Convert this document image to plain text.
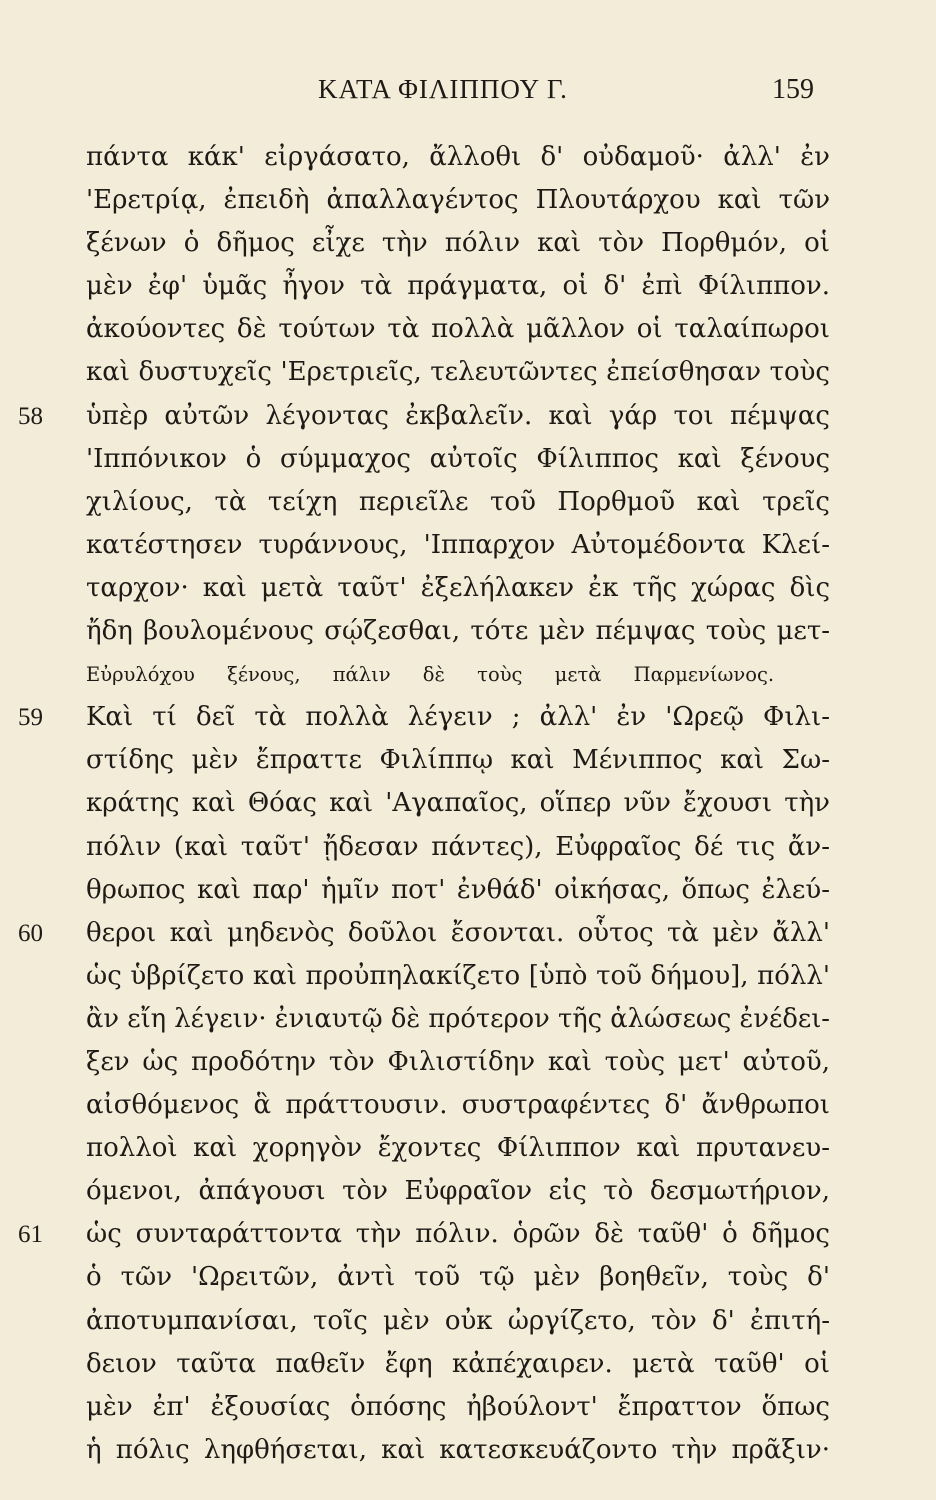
ΚΑΤΑ ΦΙΛΙΠΠΟΥ Γ.	159
πάντα κάκ' εἰργάσατο, ἄλλοθι δ' οὐδαμοῦ· ἀλλ' ἐν
'Ερετρίᾳ, ἐπειδὴ ἀπαλλαγέντος Πλουτάρχου καὶ τῶν
ξένων ὁ δῆμος εἶχε τὴν πόλιν καὶ τὸν Πορθμόν, οἱ
μὲν ἐφ' ὑμᾶς ἦγον τὰ πράγματα, οἱ δ' ἐπὶ Φίλιππον.
ἀκούοντες δὲ τούτων τὰ πολλὰ μᾶλλον οἱ ταλαίπωροι
καὶ δυστυχεῖς 'Ερετριεῖς, τελευτῶντες ἐπείσθησαν τοὺς
58 ὑπὲρ αὐτῶν λέγοντας ἐκβαλεῖν. καὶ γάρ τοι πέμψας
'Ιππόνικον ὁ σύμμαχος αὐτοῖς Φίλιππος καὶ ξένους
χιλίους, τὰ τείχη περιεῖλε τοῦ Πορθμοῦ καὶ τρεῖς
κατέστησεν τυράννους, 'Ιππαρχον Αὐτομέδοντα Κλεί-
ταρχον· καὶ μετὰ ταῦτ' ἐξελήλακεν ἐκ τῆς χώρας δὶς
ἤδη βουλομένους σῴζεσθαι, τότε μὲν πέμψας τοὺς μετ-
Εὐρυλόχου ξένους, πάλιν δὲ τοὺς μετὰ Παρμενίωνος.
59 Καὶ τί δεῖ τὰ πολλὰ λέγειν ; ἀλλ' ἐν 'Ωρεῷ Φιλι-
στίδης μὲν ἔπραττε Φιλίππῳ καὶ Μένιππος καὶ Σω-
κράτης καὶ Θόας καὶ 'Αγαπαῖος, οἵπερ νῦν ἔχουσι τὴν
πόλιν (καὶ ταῦτ' ᾔδεσαν πάντες), Εὐφραῖος δέ τις ἄν-
θρωπος καὶ παρ' ἡμῖν ποτ' ἐνθάδ' οἰκήσας, ὅπως ἐλεύ-
60 θεροι καὶ μηδενὸς δοῦλοι ἔσονται. οὗτος τὰ μὲν ἄλλ'
ὡς ὑβρίζετο καὶ προὐπηλακίζετο [ὑπὸ τοῦ δήμου], πόλλ'
ἂν εἴη λέγειν· ἐνιαυτῷ δὲ πρότερον τῆς ἁλώσεως ἐνέδει-
ξεν ὡς προδότην τὸν Φιλιστίδην καὶ τοὺς μετ' αὐτοῦ,
αἰσθόμενος ἃ πράττουσιν. συστραφέντες δ' ἄνθρωποι
πολλοὶ καὶ χορηγὸν ἔχοντες Φίλιππον καὶ πρυτανευ-
όμενοι, ἀπάγουσι τὸν Εὐφραῖον εἰς τὸ δεσμωτήριον,
61 ὡς συνταράττοντα τὴν πόλιν. ὁρῶν δὲ ταῦθ' ὁ δῆμος
ὁ τῶν 'Ωρειτῶν, ἀντὶ τοῦ τῷ μὲν βοηθεῖν, τοὺς δ'
ἀποτυμπανίσαι, τοῖς μὲν οὐκ ὠργίζετο, τὸν δ' ἐπιτή-
δειον ταῦτα παθεῖν ἔφη κἀπέχαιρεν. μετὰ ταῦθ' οἱ
μὲν ἐπ' ἐξουσίας ὁπόσης ἠβούλοντ' ἔπραττον ὅπως
ἡ πόλις ληφθήσεται, καὶ κατεσκευάζοντο τὴν πρᾶξιν·
